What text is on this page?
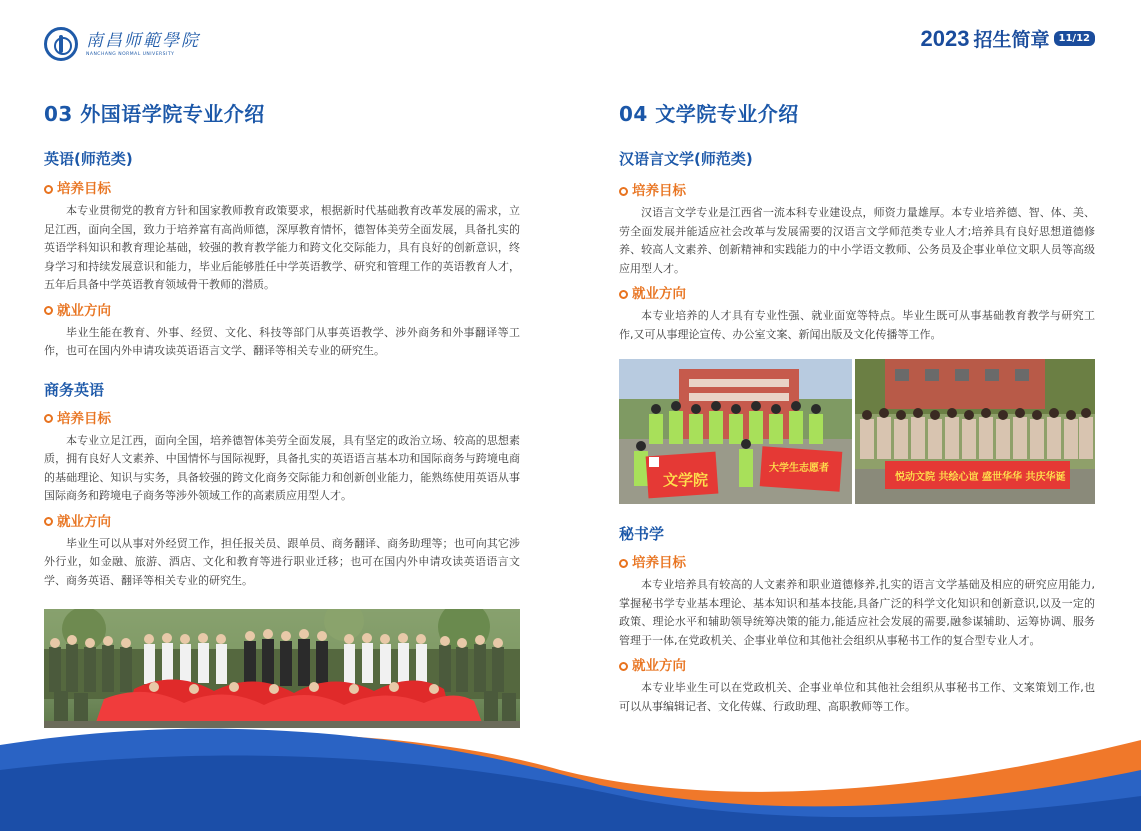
南昌师範學院
NANCHANG NORMAL UNIVERSITY
2023 招生简章 11/12
03 外国语学院专业介绍
英语(师范类)
培养目标

本专业贯彻党的教育方针和国家教师教育政策要求，根据新时代基础教育改革发展的需求，立足江西，面向全国，致力于培养富有高尚师德，深厚教育情怀，德智体美劳全面发展，具备扎实的英语学科知识和教育理论基础，较强的教育教学能力和跨文化交际能力，具有良好的创新意识，终身学习和持续发展意识和能力，毕业后能够胜任中学英语教学、研究和管理工作的英语教育人才，五年后具备中学英语教育领域骨干教师的潜质。

就业方向

毕业生能在教育、外事、经贸、文化、科技等部门从事英语教学、涉外商务和外事翻译等工作，也可在国内外申请攻读英语语言文学、翻译等相关专业的研究生。

商务英语
培养目标

本专业立足江西，面向全国，培养德智体美劳全面发展，具有坚定的政治立场、较高的思想素质，拥有良好人文素养、中国情怀与国际视野，具备扎实的英语语言基本功和国际商务与跨境电商的基础理论、知识与实务，具备较强的跨文化商务交际能力和创新创业能力，能熟练使用英语从事国际商务和跨境电子商务等涉外领域工作的高素质应用型人才。

就业方向

毕业生可以从事对外经贸工作，担任报关员、跟单员、商务翻译、商务助理等；也可向其它涉外行业，如金融、旅游、酒店、文化和教育等进行职业迁移；也可在国内外申请攻读英语语言文学、商务英语、翻译等相关专业的研究生。

04 文学院专业介绍
汉语言文学(师范类)
培养目标

汉语言文学专业是江西省一流本科专业建设点，师资力量雄厚。本专业培养德、智、体、美、劳全面发展并能适应社会改革与发展需要的汉语言文学师范类专业人才;培养具有良好思想道德修养、较高人文素养、创新精神和实践能力的中小学语文教师、公务员及企事业单位文职人员等高级应用型人才。

就业方向

本专业培养的人才具有专业性强、就业面宽等特点。毕业生既可从事基础教育教学与研究工作,又可从事理论宣传、办公室文案、新闻出版及文化传播等工作。

文学院
大学生志愿者
悦动文院 共绘心谊 盛世华华 共庆华诞
秘书学
培养目标

本专业培养具有较高的人文素养和职业道德修养,扎实的语言文学基础及相应的研究应用能力,掌握秘书学专业基本理论、基本知识和基本技能,具备广泛的科学文化知识和创新意识,以及一定的政策、理论水平和辅助领导统筹决策的能力,能适应社会发展的需要,融参谋辅助、运筹协调、服务管理于一体,在党政机关、企事业单位和其他社会组织从事秘书工作的复合型专业人才。

就业方向

本专业毕业生可以在党政机关、企事业单位和其他社会组织从事秘书工作、文案策划工作,也可以从事编辑记者、文化传媒、行政助理、高职教师等工作。
